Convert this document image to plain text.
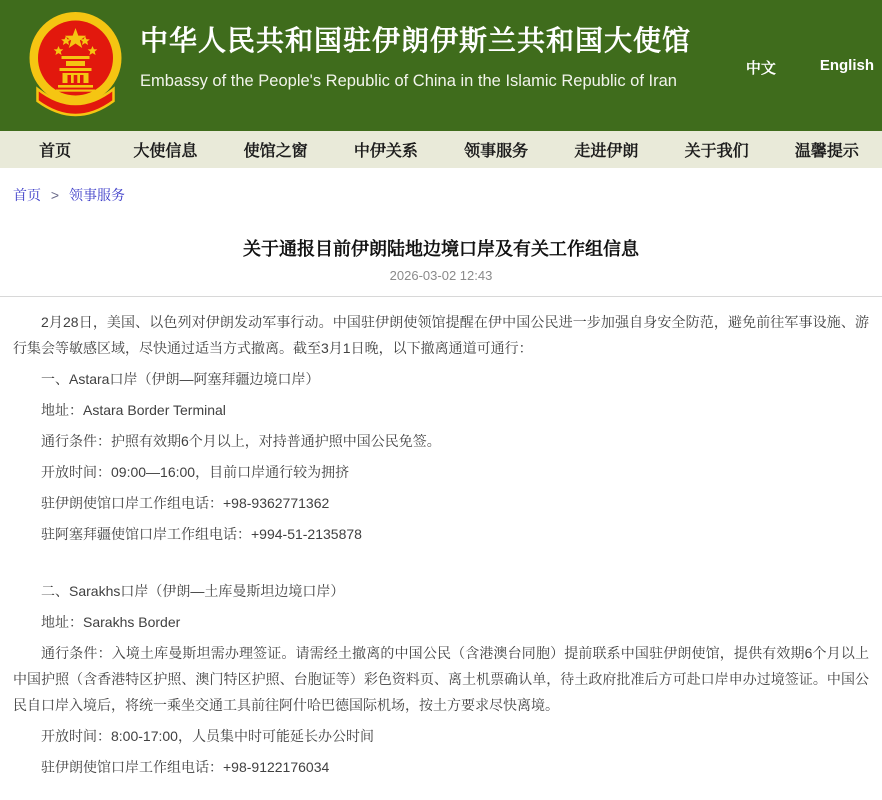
中华人民共和国驻伊朗伊斯兰共和国大使馆
Embassy of the People's Republic of China in the Islamic Republic of Iran
中文	English
首页	大使信息	使馆之窗	中伊关系	领事服务	走进伊朗	关于我们	温馨提示
首页 > 领事服务
关于通报目前伊朗陆地边境口岸及有关工作组信息
2026-03-02 12:43

2月28日，美国、以色列对伊朗发动军事行动。中国驻伊朗使领馆提醒在伊中国公民进一步加强自身安全防范，避免前往军事设施、游行集会等敏感区域，尽快通过适当方式撤离。截至3月1日晚，以下撤离通道可通行：

一、Astara口岸（伊朗—阿塞拜疆边境口岸）

地址：Astara Border Terminal

通行条件：护照有效期6个月以上，对持普通护照中国公民免签。

开放时间：09:00—16:00，目前口岸通行较为拥挤

驻伊朗使馆口岸工作组电话：+98-9362771362

驻阿塞拜疆使馆口岸工作组电话：+994-51-2135878

二、Sarakhs口岸（伊朗—土库曼斯坦边境口岸）

地址：Sarakhs Border

通行条件：入境土库曼斯坦需办理签证。请需经土撤离的中国公民（含港澳台同胞）提前联系中国驻伊朗使馆，提供有效期6个月以上中国护照（含香港特区护照、澳门特区护照、台胞证等）彩色资料页、离土机票确认单，待土政府批准后方可赴口岸申办过境签证。中国公民自口岸入境后，将统一乘坐交通工具前往阿什哈巴德国际机场，按土方要求尽快离境。

开放时间：8:00-17:00，人员集中时可能延长办公时间

驻伊朗使馆口岸工作组电话：+98-9122176034
